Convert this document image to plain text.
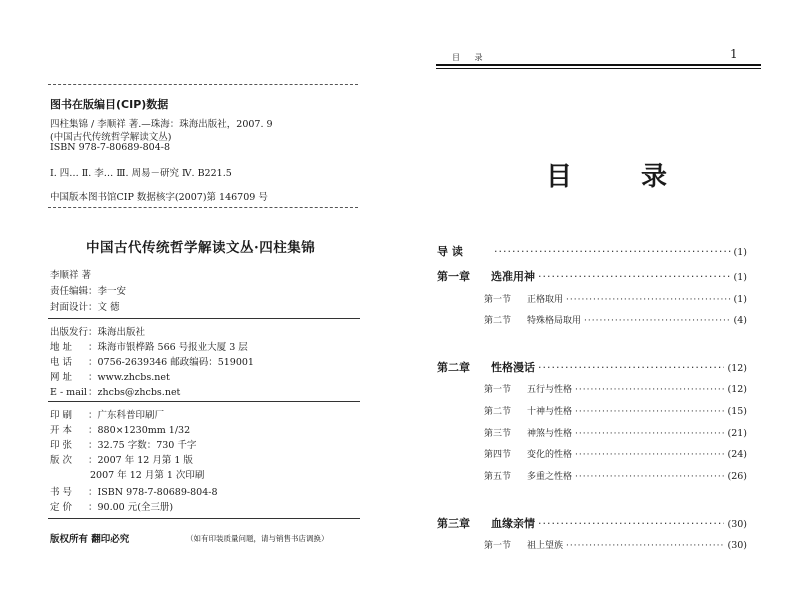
图书在版编目(CIP)数据
四柱集锦 / 李顺祥 著.—珠海：珠海出版社，2007. 9
(中国古代传统哲学解读文丛)
ISBN 978-7-80689-804-8
Ⅰ. 四… Ⅱ. 李… Ⅲ. 周易－研究 Ⅳ. B221.5
中国版本图书馆CIP 数据核字(2007)第 146709 号
中国古代传统哲学解读文丛·四柱集锦
李顺祥 著
责任编辑：李一安
封面设计：文 德
出版发行：珠海出版社
地 址 ：珠海市银桦路 566 号报业大厦 3 层
电 话 ：0756-2639346 邮政编码：519001
网 址 ：www.zhcbs.net
E - mail：zhcbs@zhcbs.net
印 刷 ：广东科普印刷厂
开 本 ：880×1230mm 1/32
印 张 ：32.75 字数：730 千字
版 次 ：2007 年 12 月第 1 版
2007 年 12 月第 1 次印刷
书 号 ：ISBN 978-7-80689-804-8
定 价 ：90.00 元(全三册)
版权所有 翻印必究	（如有印装质量问题，请与销售书店调换）
目 录	1
目 录
导 读 ·····	(1)
第一章	选准用神 ·····	(1)
第一节	正格取用 ·····	(1)
第二节	特殊格局取用 ·····	(4)
第二章	性格漫话 ·····	(12)
第一节	五行与性格 ·····	(12)
第二节	十神与性格 ·····	(15)
第三节	神煞与性格 ·····	(21)
第四节	变化的性格 ·····	(24)
第五节	多重之性格 ·····	(26)
第三章	血缘亲情 ·····	(30)
第一节	祖上望族 ·····	(30)
